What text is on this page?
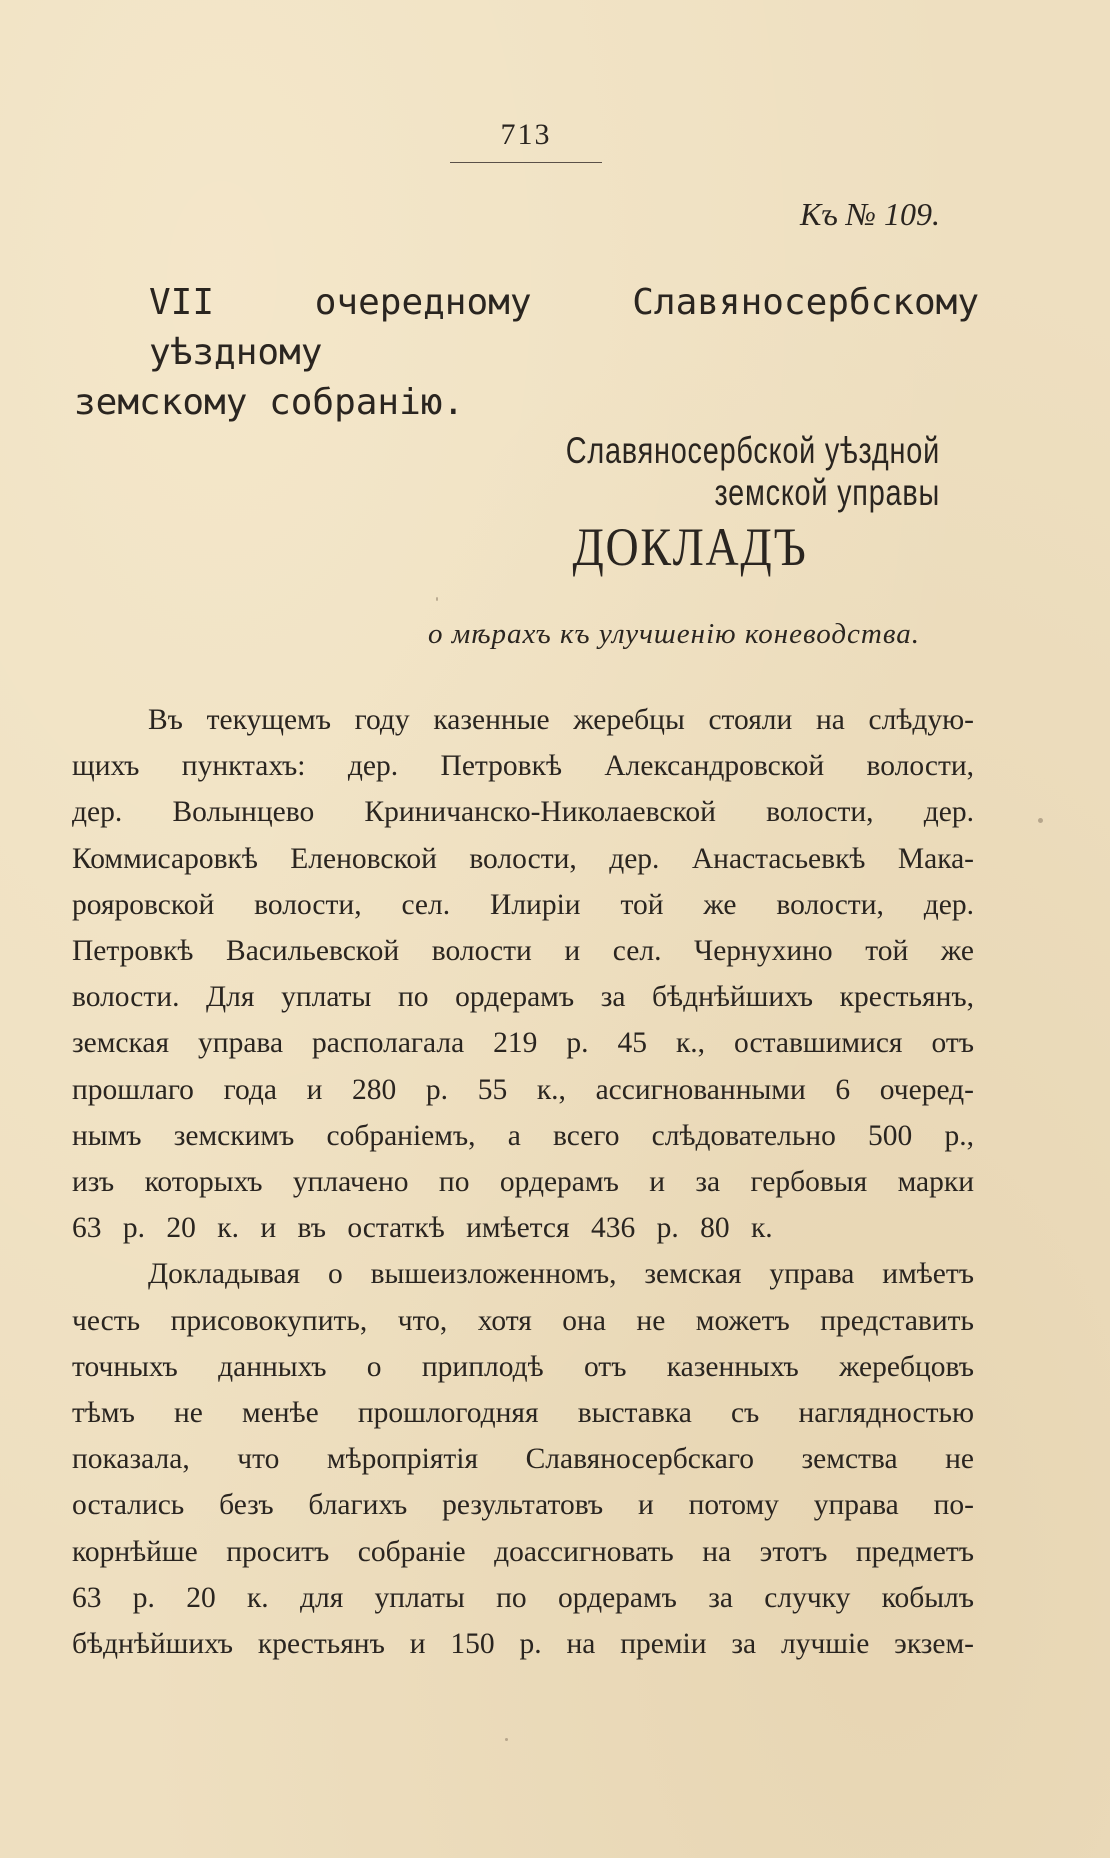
713
Къ № 109.
VII очередному Славяносербскому уѣздному
земскому собранію.
Славяносербской уѣздной земской управы
ДОКЛАДЪ
о мѣрахъ къ улучшенію коневодства.
Въ текущемъ году казенные жеребцы стояли на слѣдую-
щихъ пунктахъ: дер. Петровкѣ Александровской волости,
дер. Волынцево Криничанско-Николаевской волости, дер.
Коммисаровкѣ Еленовской волости, дер. Анастасьевкѣ Мака-
рояровской волости, сел. Илиріи той же волости, дер.
Петровкѣ Васильевской волости и сел. Чернухино той же
волости. Для уплаты по ордерамъ за бѣднѣйшихъ крестьянъ,
земская управа располагала 219 р. 45 к., оставшимися отъ
прошлаго года и 280 р. 55 к., ассигнованными 6 очеред-
нымъ земскимъ собраніемъ, а всего слѣдовательно 500 р.,
изъ которыхъ уплачено по ордерамъ и за гербовыя марки
63 р. 20 к. и въ остаткѣ имѣется 436 р. 80 к.
Докладывая о вышеизложенномъ, земская управа имѣетъ
честь присовокупить, что, хотя она не можетъ представить
точныхъ данныхъ о приплодѣ отъ казенныхъ жеребцовъ
тѣмъ не менѣе прошлогодняя выставка съ наглядностью
показала, что мѣропріятія Славяносербскаго земства не
остались безъ благихъ результатовъ и потому управа по-
корнѣйше проситъ собраніе доассигновать на этотъ предметъ
63 р. 20 к. для уплаты по ордерамъ за случку кобылъ
бѣднѣйшихъ крестьянъ и 150 р. на преміи за лучшіе экзем-
